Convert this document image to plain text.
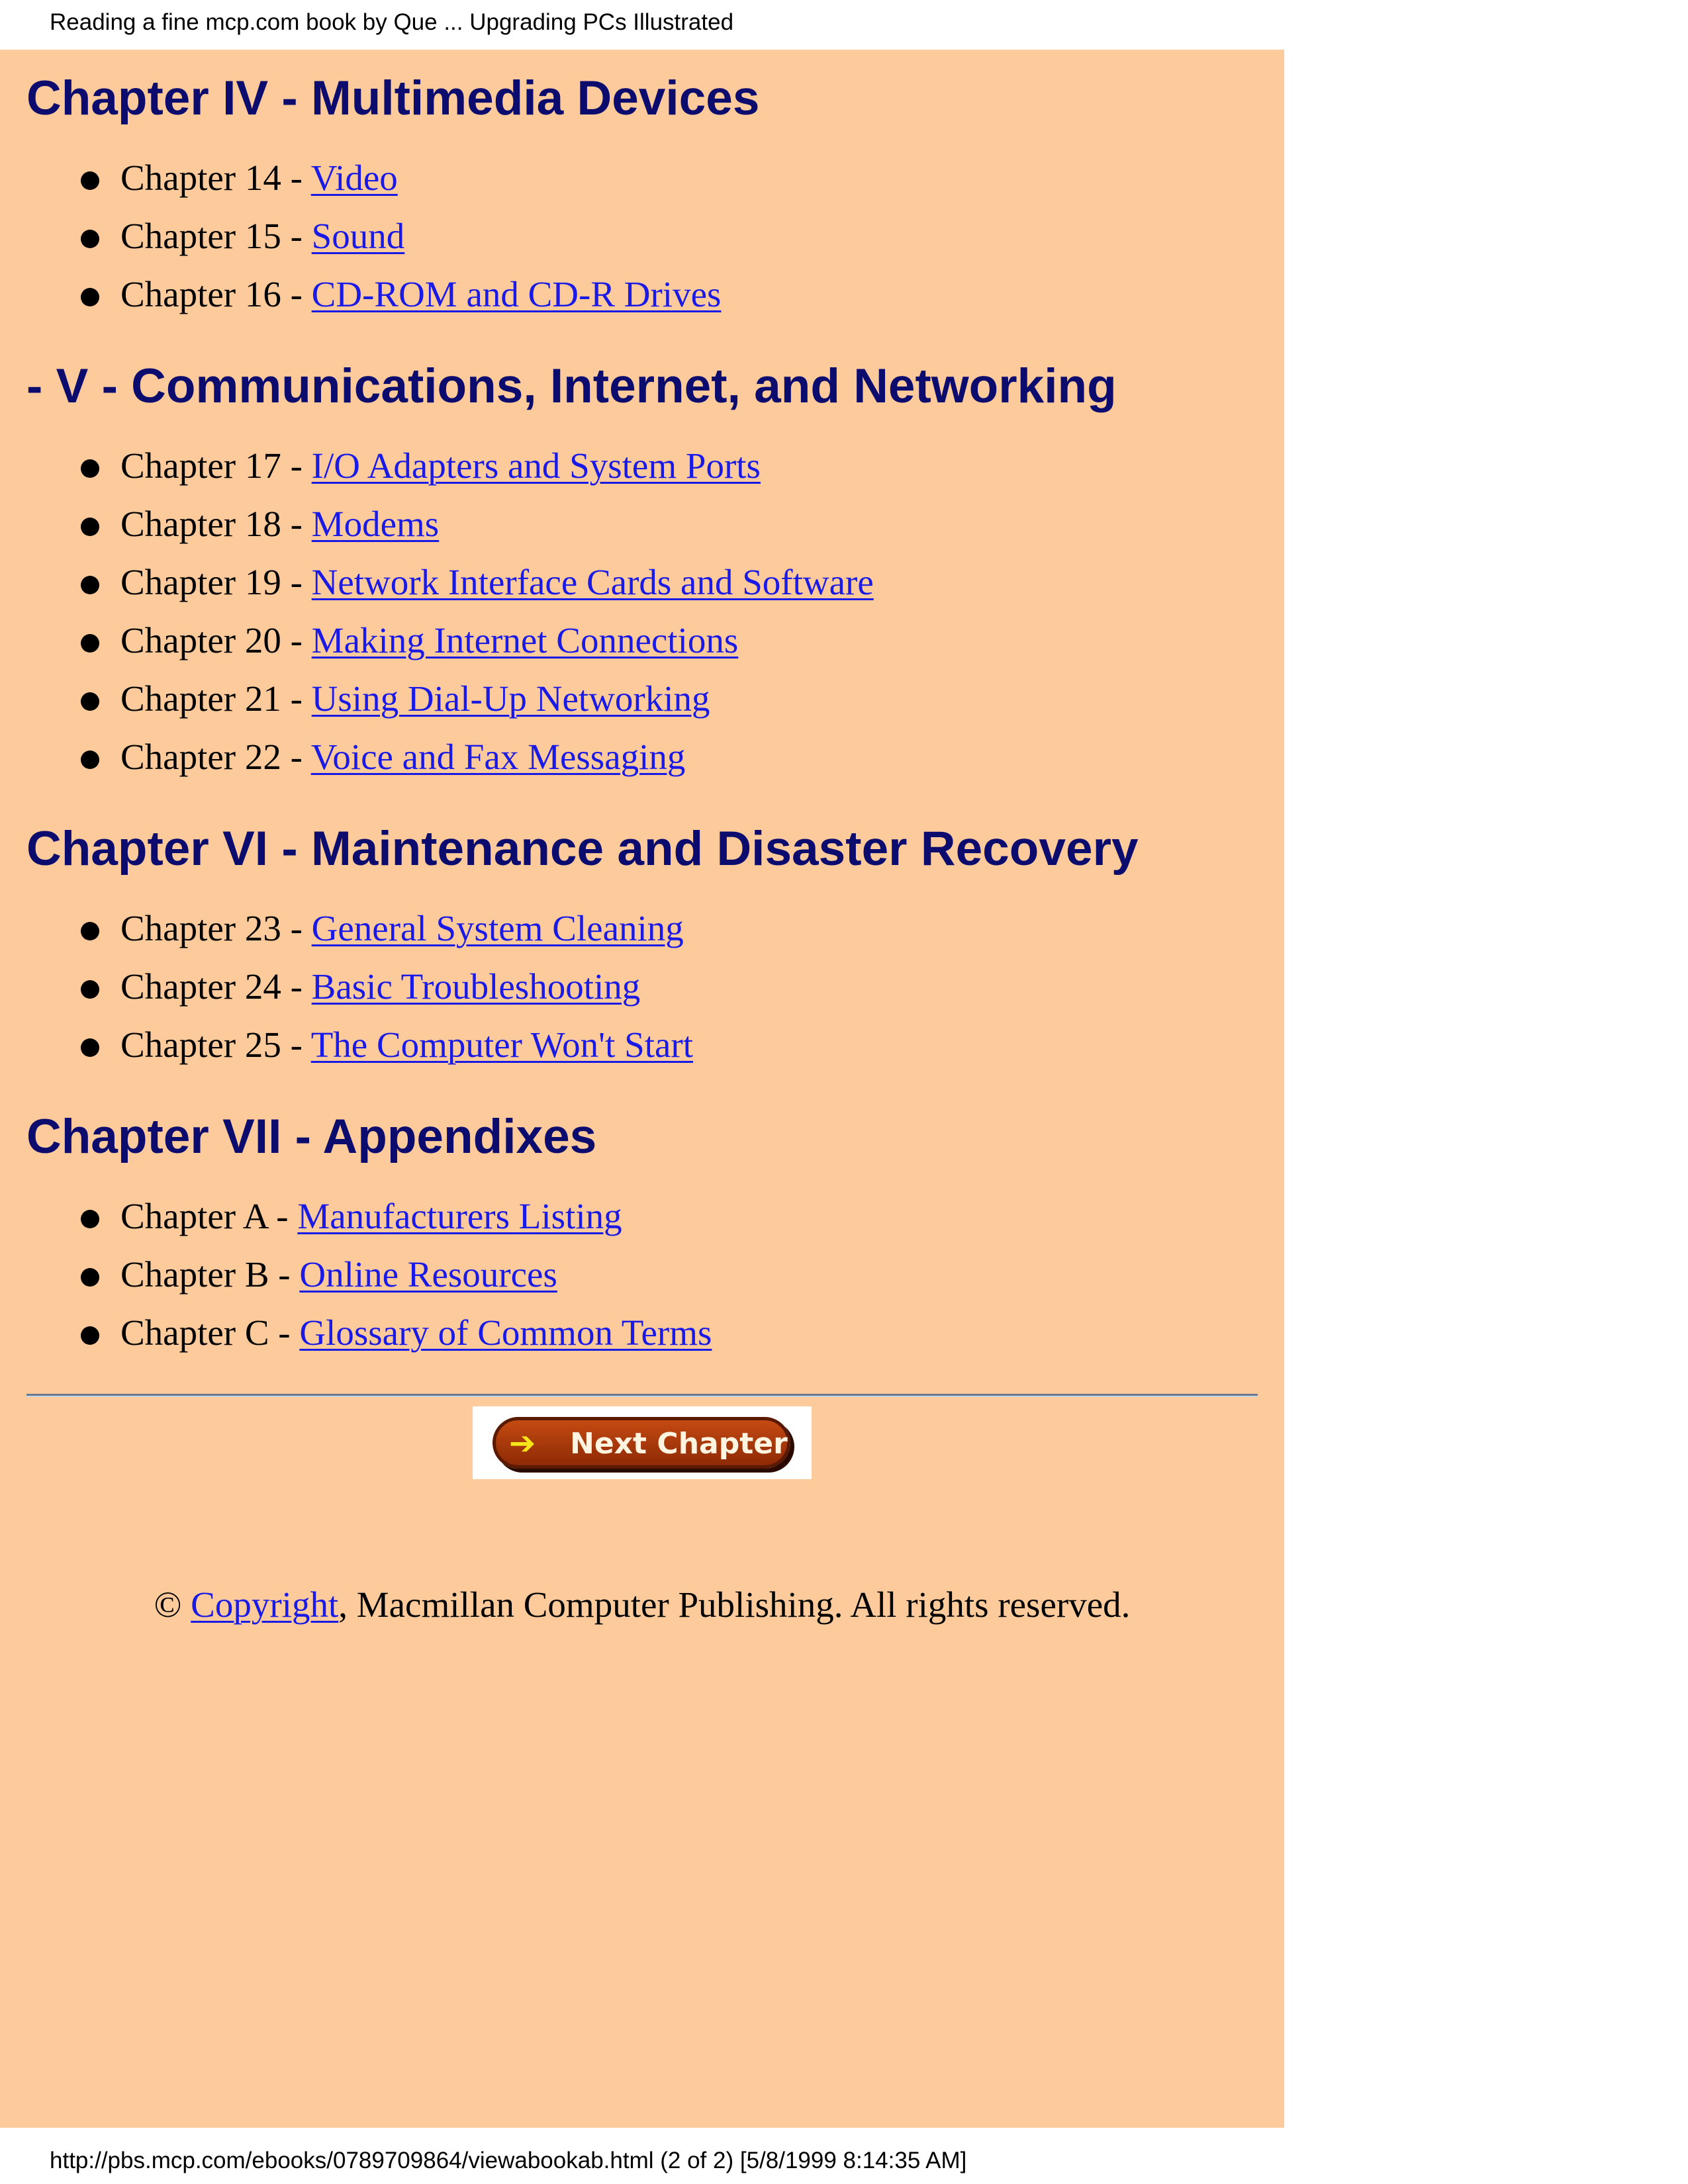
Reading a fine mcp.com book by Que ... Upgrading PCs Illustrated
Chapter IV - Multimedia Devices
Chapter 14 - Video
Chapter 15 - Sound
Chapter 16 - CD-ROM and CD-R Drives
- V - Communications, Internet, and Networking
Chapter 17 - I/O Adapters and System Ports
Chapter 18 - Modems
Chapter 19 - Network Interface Cards and Software
Chapter 20 - Making Internet Connections
Chapter 21 - Using Dial-Up Networking
Chapter 22 - Voice and Fax Messaging
Chapter VI - Maintenance and Disaster Recovery
Chapter 23 - General System Cleaning
Chapter 24 - Basic Troubleshooting
Chapter 25 - The Computer Won't Start
Chapter VII - Appendixes
Chapter A - Manufacturers Listing
Chapter B - Online Resources
Chapter C - Glossary of Common Terms
➔ Next Chapter
© Copyright, Macmillan Computer Publishing. All rights reserved.
http://pbs.mcp.com/ebooks/0789709864/viewabookab.html (2 of 2) [5/8/1999 8:14:35 AM]
